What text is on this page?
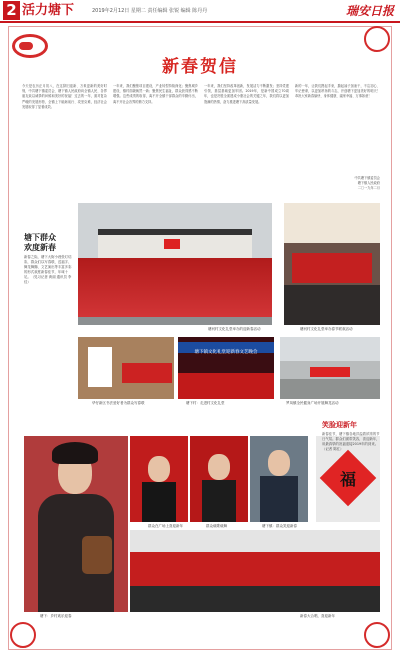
2 活力塘下	2019年2月12日 星期二 责任编辑 张锐 编辑 陈丹丹	瑞安日报
新春贺信

今天是农历正月初八，在这辞旧迎新、万象更新的美好时刻，中共塘下镇委员会、塘下镇人民政府向全镇人民、各界朋友致以诚挚的问候和美好的祝福！过去的一年，面对复杂严峻的发展形势，全镇上下砥砺前行、攻坚克难，经济社会发展取得了显著成效。

一年来，我们聚焦项目建设，产业转型持续深化；聚焦城乡建设，镇村面貌焕然一新；聚焦民生福祉，群众获得感不断增强。这些成绩的取得，离不开全镇干部群众的辛勤付出，离不开社会各界的鼎力支持。

一年来，我们坚持改革创新，发展活力不断激发；坚持党建引领，基层基础更加牢固。2019年，是新中国成立70周年，也是决胜全面建成小康社会的关键之年，我们将以更加饱满的热情，奋力推进塘下高质量发展。

新的一年，让我们携起手来，撸起袖子加油干，不忘初心、牢记使命，以更加昂扬的斗志，开创塘下更加美好的明天！恭祝大家新春愉快、身体健康、阖家幸福、万事如意！

中共塘下镇委员会
塘下镇人民政府
二〇一九年二月
塘下群众
欢度新春

新春之际，塘下大街小巷张灯结彩，群众们以写春联、送福字、舞龙舞狮、文艺演出等丰富多彩的形式欢度新春佳节，年味十足。（见习记者 黄丽 通讯员 李佳）

塘河村文化礼堂举办的迎新春活动	塘河村文化礼堂举办春节联欢活动
华仔新区书法爱好者为群众写春联
塘下镇文化礼堂迎新春文艺晚会
塘下村：走进村文化礼堂	罗凤镇全民健身广场开展舞龙活动
塘下：乡村欢乐迎春
群众在广场上喜迎新年	群众载歌载舞
福
笑脸迎新年

新春佳节，塘下镇各地洋溢着浓浓的节日气氛。群众们面带笑容，喜迎新年，用最真挚的祝福迎接2019年的到来。（记者 陈红）

塘下镇：群众笑迎新春
新春大合唱，喜迎新年
